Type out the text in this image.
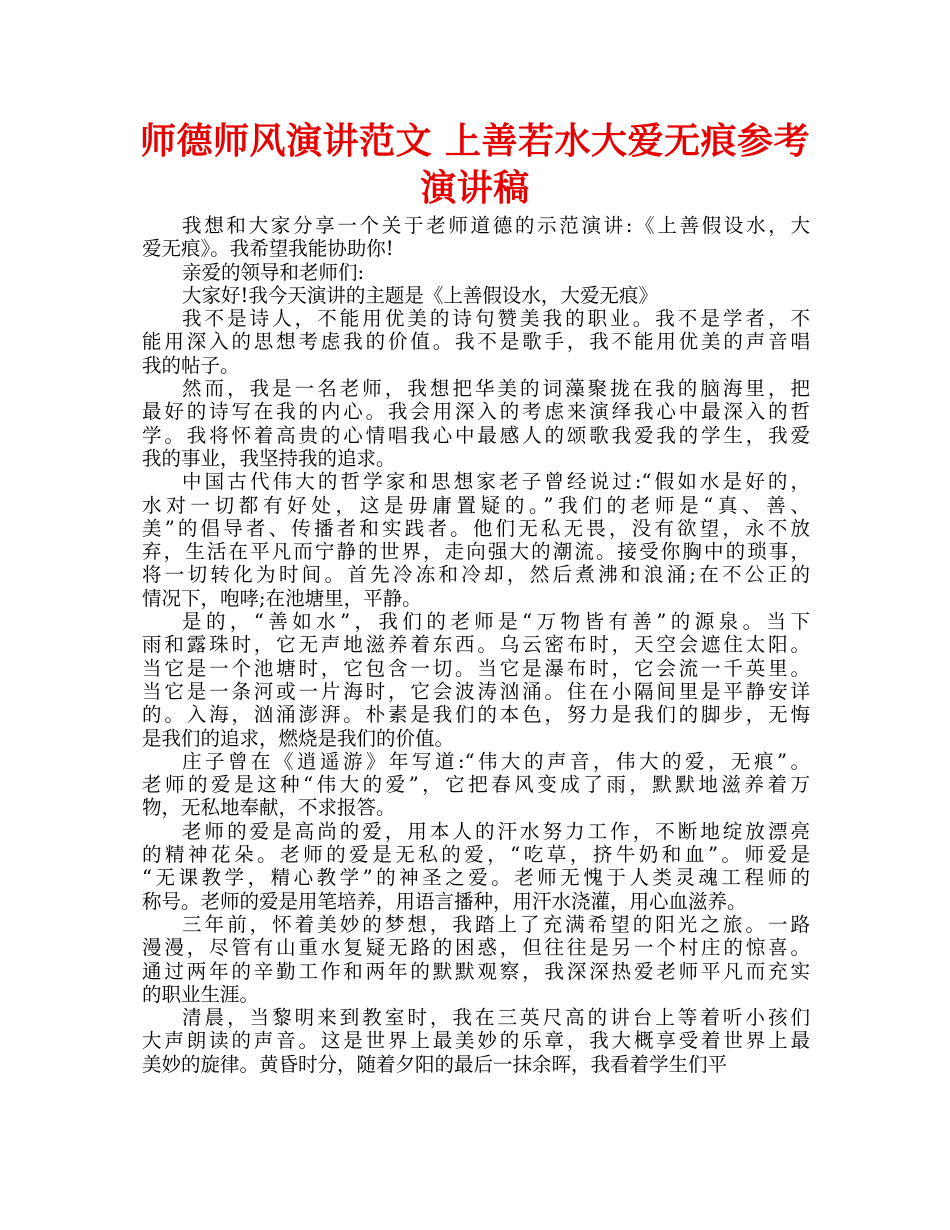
师德师风演讲范文 上善若水大爱无痕参考
演讲稿
我想和大家分享一个关于老师道德的示范演讲:《上善假设水，大
爱无痕》。我希望我能协助你!
亲爱的领导和老师们:
大家好!我今天演讲的主题是《上善假设水，大爱无痕》
我不是诗人，不能用优美的诗句赞美我的职业。我不是学者，不
能用深入的思想考虑我的价值。我不是歌手，我不能用优美的声音唱
我的帖子。
然而，我是一名老师，我想把华美的词藻聚拢在我的脑海里，把
最好的诗写在我的内心。我会用深入的考虑来演绎我心中最深入的哲
学。我将怀着高贵的心情唱我心中最感人的颂歌我爱我的学生，我爱
我的事业，我坚持我的追求。
中国古代伟大的哲学家和思想家老子曾经说过:“假如水是好的，
水对一切都有好处，这是毋庸置疑的。”我们的老师是“真、善、
美”的倡导者、传播者和实践者。他们无私无畏，没有欲望，永不放
弃，生活在平凡而宁静的世界，走向强大的潮流。接受你胸中的琐事，
将一切转化为时间。首先冷冻和冷却，然后煮沸和浪涌;在不公正的
情况下，咆哮;在池塘里，平静。
是的，“善如水”，我们的老师是“万物皆有善”的源泉。当下
雨和露珠时，它无声地滋养着东西。乌云密布时，天空会遮住太阳。
当它是一个池塘时，它包含一切。当它是瀑布时，它会流一千英里。
当它是一条河或一片海时，它会波涛汹涌。住在小隔间里是平静安详
的。入海，汹涌澎湃。朴素是我们的本色，努力是我们的脚步，无悔
是我们的追求，燃烧是我们的价值。
庄子曾在《逍遥游》年写道:“伟大的声音，伟大的爱，无痕”。
老师的爱是这种“伟大的爱”，它把春风变成了雨，默默地滋养着万
物，无私地奉献，不求报答。
老师的爱是高尚的爱，用本人的汗水努力工作，不断地绽放漂亮
的精神花朵。老师的爱是无私的爱，“吃草，挤牛奶和血”。师爱是
“无课教学，精心教学”的神圣之爱。老师无愧于人类灵魂工程师的
称号。老师的爱是用笔培养，用语言播种，用汗水浇灌，用心血滋养。
三年前，怀着美妙的梦想，我踏上了充满希望的阳光之旅。一路
漫漫，尽管有山重水复疑无路的困惑，但往往是另一个村庄的惊喜。
通过两年的辛勤工作和两年的默默观察，我深深热爱老师平凡而充实
的职业生涯。
清晨，当黎明来到教室时，我在三英尺高的讲台上等着听小孩们
大声朗读的声音。这是世界上最美妙的乐章，我大概享受着世界上最
美妙的旋律。黄昏时分，随着夕阳的最后一抹余晖，我看着学生们平
